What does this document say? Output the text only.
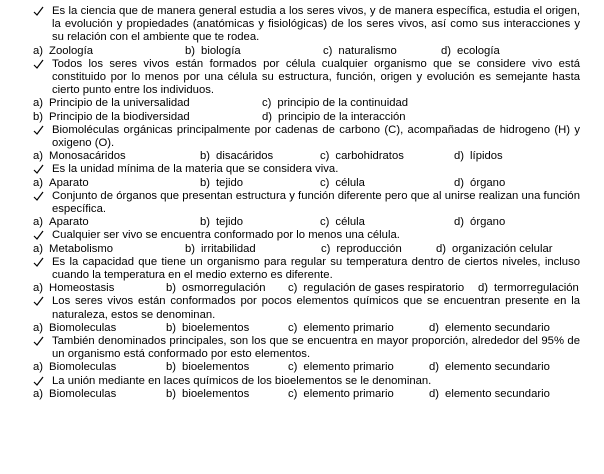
Es la ciencia que de manera general estudia a los seres vivos, y de manera específica, estudia el origen, la evolución y propiedades (anatómicas y fisiológicas) de los seres vivos, así como sus interacciones y su relación con el ambiente que te rodea.
a) Zoología	b) biología	c) naturalismo	d) ecología
Todos los seres vivos están formados por célula cualquier organismo que se considere vivo está constituido por lo menos por una célula su estructura, función, origen y evolución es semejante hasta cierto punto entre los individuos.
a) Principio de la universalidad	c) principio de la continuidad
b) Principio de la biodiversidad	d) principio de la interacción
Biomoléculas orgánicas principalmente por cadenas de carbono (C), acompañadas de hidrogeno (H) y oxigeno (O).
a) Monosacáridos	b) disacáridos	c) carbohidratos	d) lípidos
Es la unidad mínima de la materia que se considera viva.
a) Aparato	b) tejido	c) célula	d) órgano
Conjunto de órganos que presentan estructura y función diferente pero que al unirse realizan una función específica.
a) Aparato	b) tejido	c) célula	d) órgano
Cualquier ser vivo se encuentra conformado por lo menos una célula.
a) Metabolismo	b) irritabilidad	c) reproducción	d) organización celular
Es la capacidad que tiene un organismo para regular su temperatura dentro de ciertos niveles, incluso cuando la temperatura en el medio externo es diferente.
a) Homeostasis	b) osmorregulación c) regulación de gases respiratorio d) termorregulación
Los seres vivos están conformados por pocos elementos químicos que se encuentran presente en la naturaleza, estos se denominan.
a) Biomoleculas	b) bioelementos	c) elemento primario	d) elemento secundario
También denominados principales, son los que se encuentra en mayor proporción, alrededor del 95% de un organismo está conformado por esto elementos.
a) Biomoleculas	b) bioelementos	c) elemento primario	d) elemento secundario
La unión mediante en laces químicos de los bioelementos se le denominan.
a) Biomoleculas	b) bioelementos	c) elemento primario	d) elemento secundario
